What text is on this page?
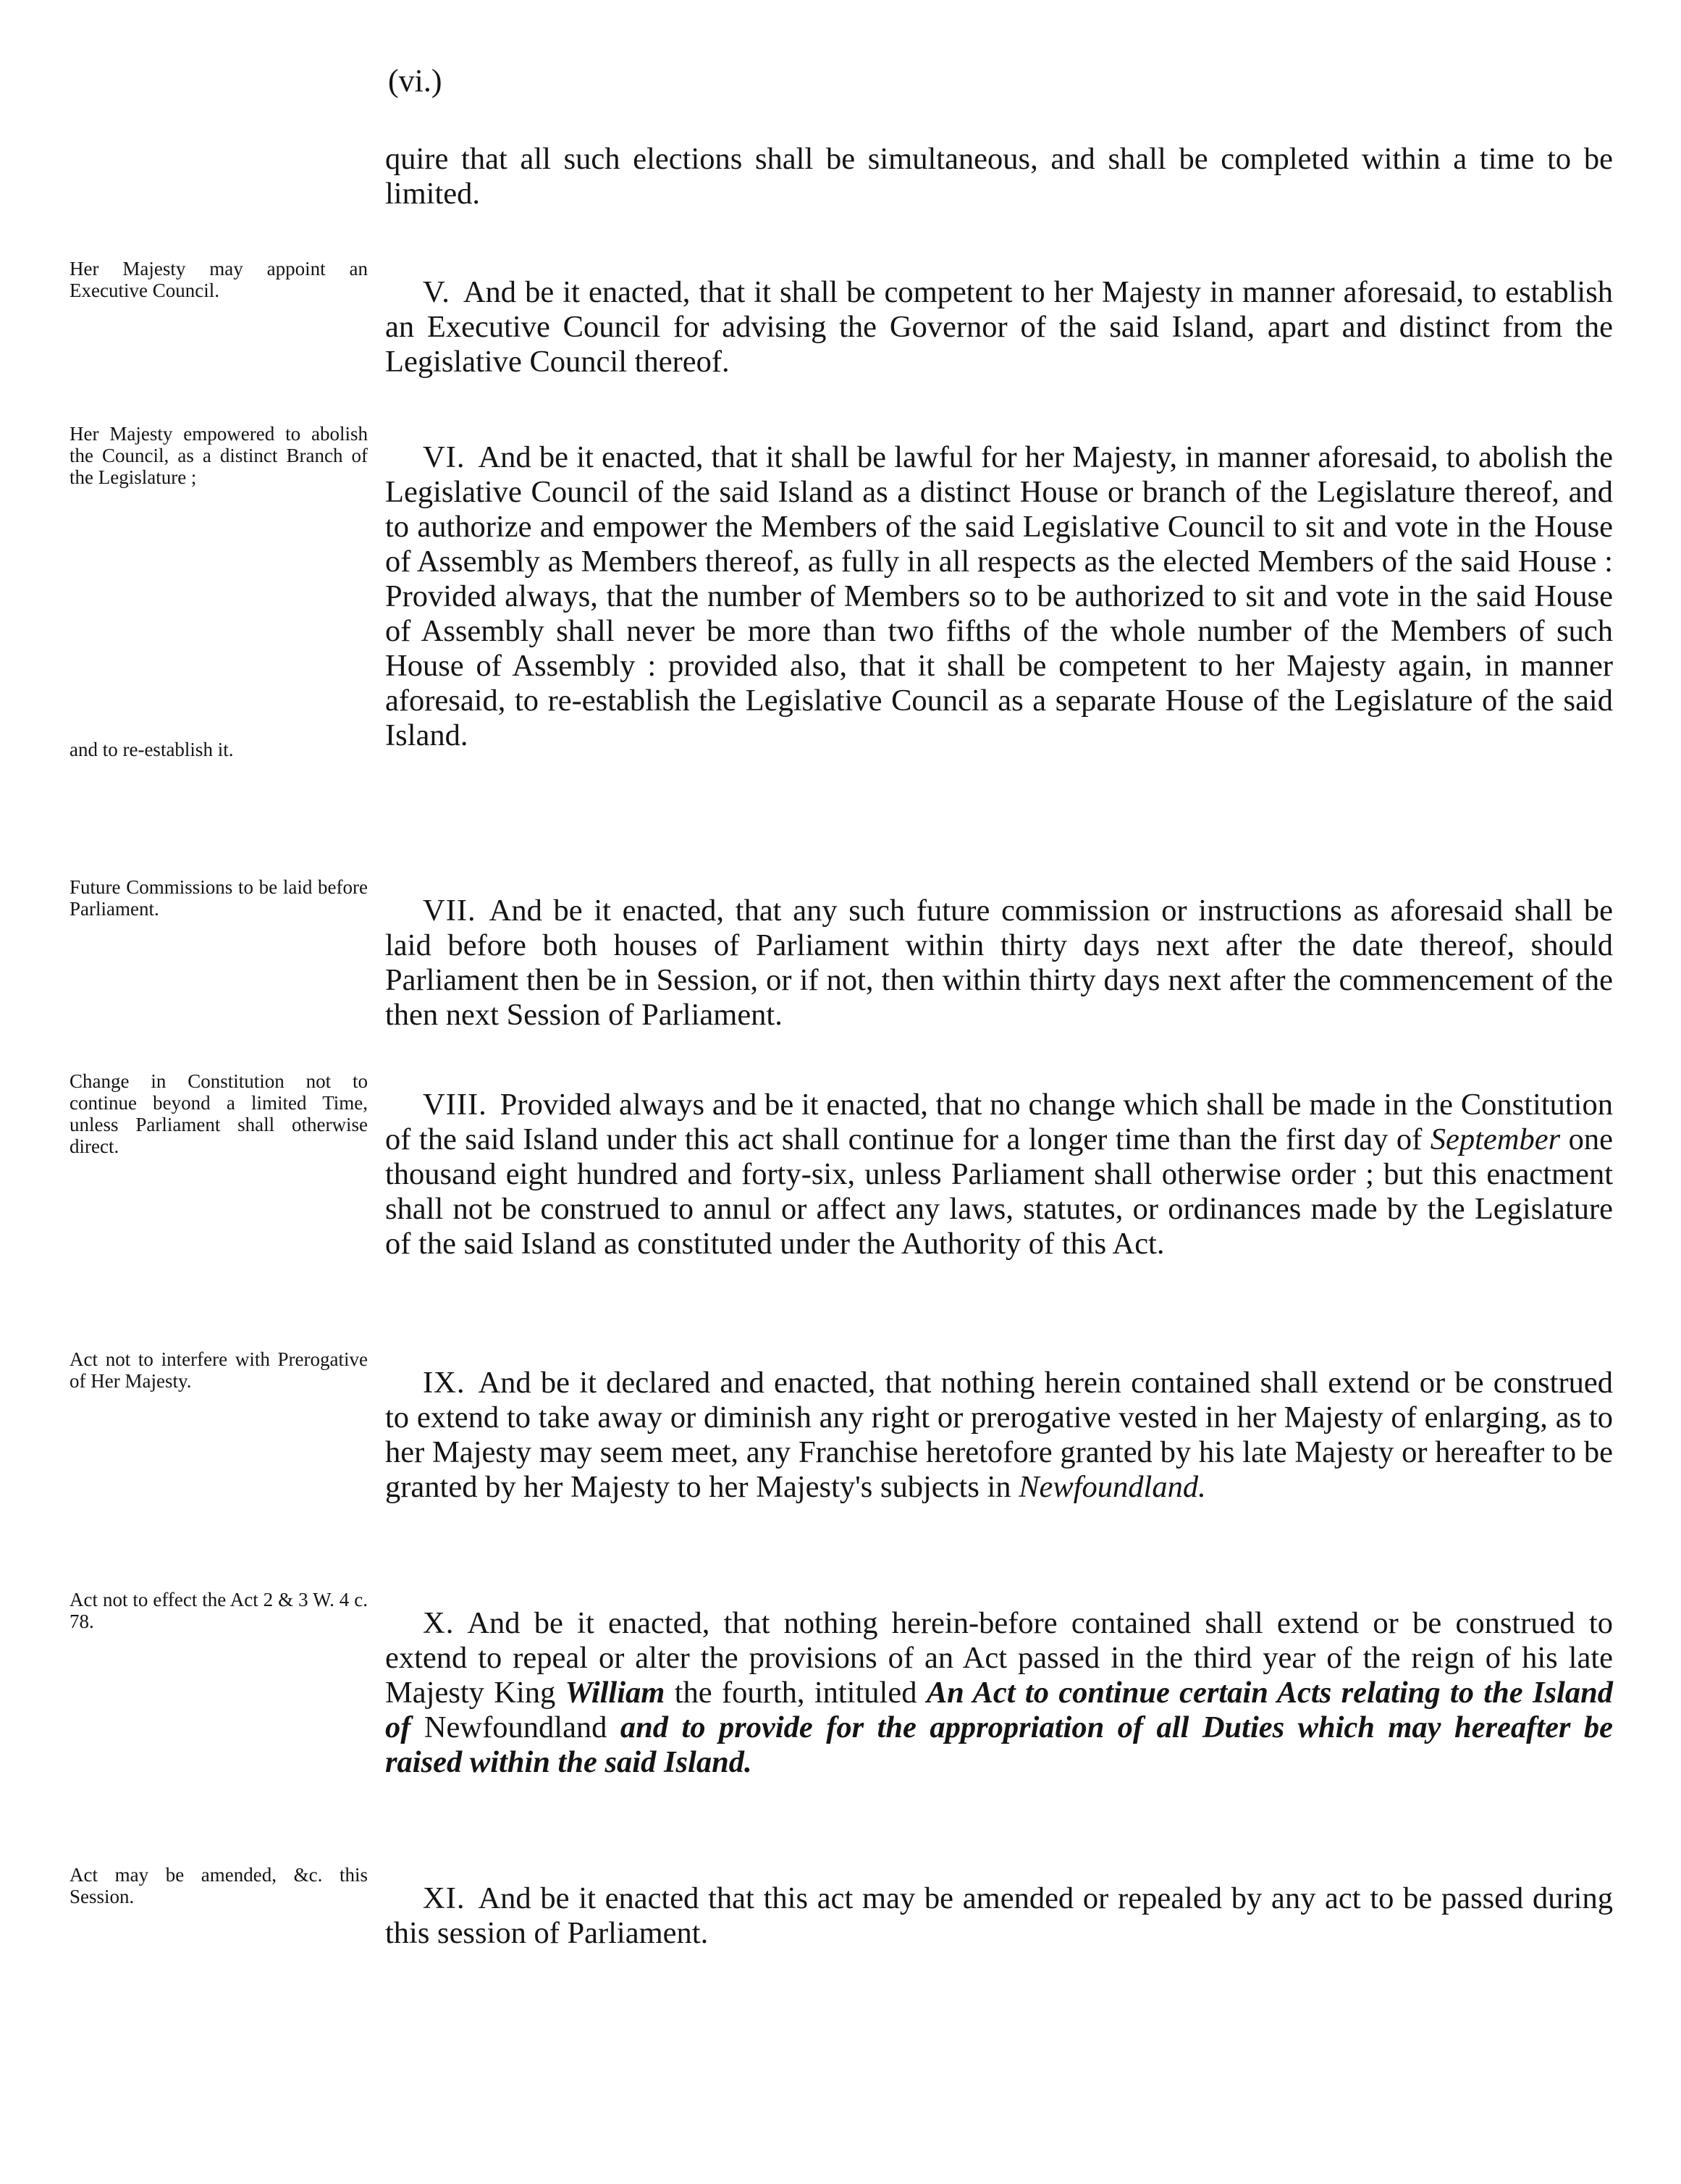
(vi.)
quire that all such elections shall be simultaneous, and shall be completed within a time to be limited.
Her Majesty may appoint an Executive Council.	V. And be it enacted, that it shall be competent to her Majesty in manner aforesaid, to establish an Executive Council for advising the Governor of the said Island, apart and distinct from the Legislative Council thereof.
Her Majesty empowered to abolish the Council, as a distinct Branch of the Legislature ;
and to re-establish it.
VI. And be it enacted, that it shall be lawful for her Majesty, in manner aforesaid, to abolish the Legislative Council of the said Island as a distinct House or branch of the Legislature thereof, and to authorize and empower the Members of the said Legislative Council to sit and vote in the House of Assembly as Members thereof, as fully in all respects as the elected Members of the said House : Provided always, that the number of Members so to be authorized to sit and vote in the said House of Assembly shall never be more than two fifths of the whole number of the Members of such House of Assembly : provided also, that it shall be competent to her Majesty again, in manner aforesaid, to re-establish the Legislative Council as a separate House of the Legislature of the said Island.
Future Commissions to be laid before Parliament.	VII. And be it enacted, that any such future commission or instructions as aforesaid shall be laid before both houses of Parliament within thirty days next after the date thereof, should Parliament then be in Session, or if not, then within thirty days next after the commencement of the then next Session of Parliament.
Change in Constitution not to continue beyond a limited Time, unless Parliament shall otherwise direct.
VIII. Provided always and be it enacted, that no change which shall be made in the Constitution of the said Island under this act shall continue for a longer time than the first day of September one thousand eight hundred and forty-six, unless Parliament shall otherwise order ; but this enactment shall not be construed to annul or affect any laws, statutes, or ordinances made by the Legislature of the said Island as constituted under the Authority of this Act.
Act not to interfere with Prerogative of Her Majesty.	IX. And be it declared and enacted, that nothing herein contained shall extend or be construed to extend to take away or diminish any right or prerogative vested in her Majesty of enlarging, as to her Majesty may seem meet, any Franchise heretofore granted by his late Majesty or hereafter to be granted by her Majesty to her Majesty's subjects in Newfoundland.
Act not to effect the Act 2 & 3 W. 4 c. 78.	X. And be it enacted, that nothing herein-before contained shall extend or be construed to extend to repeal or alter the provisions of an Act passed in the third year of the reign of his late Majesty King William the fourth, intituled An Act to continue certain Acts relating to the Island of Newfoundland and to provide for the appropriation of all Duties which may hereafter be raised within the said Island.
Act may be amended, &c. this Session.	XI. And be it enacted that this act may be amended or repealed by any act to be passed during this session of Parliament.
